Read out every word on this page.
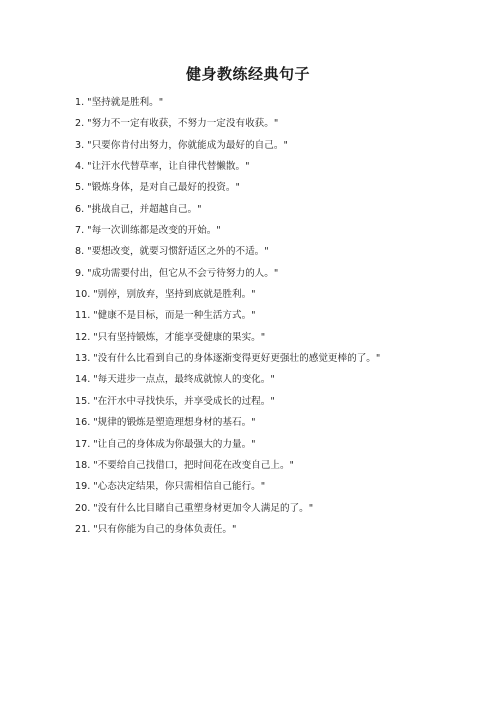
健身教练经典句子
1. "坚持就是胜利。"
2. "努力不一定有收获，不努力一定没有收获。"
3. "只要你肯付出努力，你就能成为最好的自己。"
4. "让汗水代替草率，让自律代替懒散。"
5. "锻炼身体，是对自己最好的投资。"
6. "挑战自己，并超越自己。"
7. "每一次训练都是改变的开始。"
8. "要想改变，就要习惯舒适区之外的不适。"
9. "成功需要付出，但它从不会亏待努力的人。"
10. "别停，别放弃，坚持到底就是胜利。"
11. "健康不是目标，而是一种生活方式。"
12. "只有坚持锻炼，才能享受健康的果实。"
13. "没有什么比看到自己的身体逐渐变得更好更强壮的感觉更棒的了。"
14. "每天进步一点点，最终成就惊人的变化。"
15. "在汗水中寻找快乐，并享受成长的过程。"
16. "规律的锻炼是塑造理想身材的基石。"
17. "让自己的身体成为你最强大的力量。"
18. "不要给自己找借口，把时间花在改变自己上。"
19. "心态决定结果，你只需相信自己能行。"
20. "没有什么比目睹自己重塑身材更加令人满足的了。"
21. "只有你能为自己的身体负责任。"
